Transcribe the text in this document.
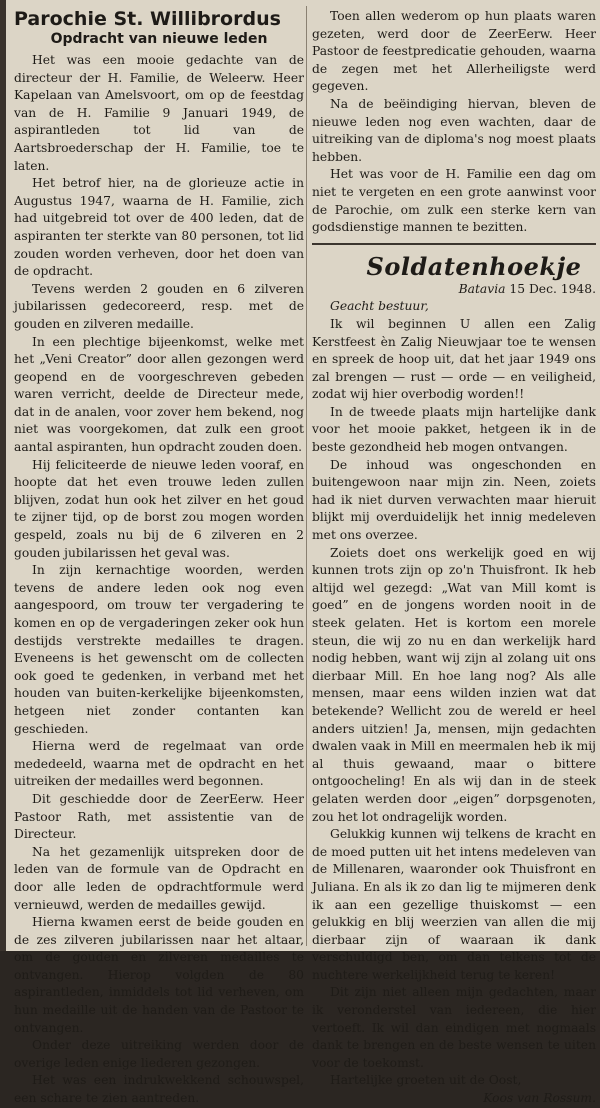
Parochie St. Willibrordus
Opdracht van nieuwe leden

Het was een mooie gedachte van de directeur der H. Familie, de Weleerw. Heer Kapelaan van Amelsvoort, om op de feestdag van de H. Familie 9 Januari 1949, de aspirantleden tot lid van de Aartsbroederschap der H. Familie, toe te laten.

Het betrof hier, na de glorieuze actie in Augustus 1947, waarna de H. Familie, zich had uitgebreid tot over de 400 leden, dat de aspiranten ter sterkte van 80 personen, tot lid zouden worden verheven, door het doen van de opdracht.

Tevens werden 2 gouden en 6 zilveren jubilarissen gedecoreerd, resp. met de gouden en zilveren medaille.

In een plechtige bijeenkomst, welke met het „Veni Creator” door allen gezongen werd geopend en de voorgeschreven gebeden waren verricht, deelde de Directeur mede, dat in de analen, voor zover hem bekend, nog niet was voorgekomen, dat zulk een groot aantal aspiranten, hun opdracht zouden doen.

Hij feliciteerde de nieuwe leden vooraf, en hoopte dat het even trouwe leden zullen blijven, zodat hun ook het zilver en het goud te zijner tijd, op de borst zou mogen worden gespeld, zoals nu bij de 6 zilveren en 2 gouden jubilarissen het geval was.

In zijn kernachtige woorden, werden tevens de andere leden ook nog even aangespoord, om trouw ter vergadering te komen en op de vergaderingen zeker ook hun destijds verstrekte medailles te dragen. Eveneens is het gewenscht om de collecten ook goed te gedenken, in verband met het houden van buiten-kerkelijke bijeenkomsten, hetgeen niet zonder contanten kan geschieden.

Hierna werd de regelmaat van orde mededeeld, waarna met de opdracht en het uitreiken der medailles werd begonnen.

Dit geschiedde door de ZeerEerw. Heer Pastoor Rath, met assistentie van de Directeur.

Na het gezamenlijk uitspreken door de leden van de formule van de Opdracht en door alle leden de opdrachtformule werd vernieuwd, werden de medailles gewijd.

Hierna kwamen eerst de beide gouden en de zes zilveren jubilarissen naar het altaar, om de gouden en zilveren medailles te ontvangen. Hierop volgden de 80 aspirantleden, inmiddels tot lid verheven, om hun medaille uit de handen van de Pastoor te ontvangen.

Onder deze uitreiking werden door de overige leden enige liederen gezongen.

Het was een indrukwekkend schouwspel, een schare te zien aantreden.

Toen allen wederom op hun plaats waren gezeten, werd door de ZeerEerw. Heer Pastoor de feestpredicatie gehouden, waarna de zegen met het Allerheiligste werd gegeven.

Na de beëindiging hiervan, bleven de nieuwe leden nog even wachten, daar de uitreiking van de diploma's nog moest plaats hebben.

Het was voor de H. Familie een dag om niet te vergeten en een grote aanwinst voor de Parochie, om zulk een sterke kern van godsdienstige mannen te bezitten.

Soldatenhoekje
Batavia 15 Dec. 1948.

Geacht bestuur,

Ik wil beginnen U allen een Zalig Kerstfeest èn Zalig Nieuwjaar toe te wensen en spreek de hoop uit, dat het jaar 1949 ons zal brengen — rust — orde — en veiligheid, zodat wij hier overbodig worden!!

In de tweede plaats mijn hartelijke dank voor het mooie pakket, hetgeen ik in de beste gezondheid heb mogen ontvangen.

De inhoud was ongeschonden en buitengewoon naar mijn zin. Neen, zoiets had ik niet durven verwachten maar hieruit blijkt mij overduidelijk het innig medeleven met ons overzee.

Zoiets doet ons werkelijk goed en wij kunnen trots zijn op zo'n Thuisfront. Ik heb altijd wel gezegd: „Wat van Mill komt is goed” en de jongens worden nooit in de steek gelaten. Het is kortom een morele steun, die wij zo nu en dan werkelijk hard nodig hebben, want wij zijn al zolang uit ons dierbaar Mill. En hoe lang nog? Als alle mensen, maar eens wilden inzien wat dat betekende? Wellicht zou de wereld er heel anders uitzien! Ja, mensen, mijn gedachten dwalen vaak in Mill en meermalen heb ik mij al thuis gewaand, maar o bittere ontgoocheling! En als wij dan in de steek gelaten werden door „eigen” dorpsgenoten, zou het lot ondragelijk worden.

Gelukkig kunnen wij telkens de kracht en de moed putten uit het intens medeleven van de Millenaren, waaronder ook Thuisfront en Juliana. En als ik zo dan lig te mijmeren denk ik aan een gezellige thuiskomst — een gelukkig en blij weerzien van allen die mij dierbaar zijn of waaraan ik dank verschuldigd ben, om dan telkens tot de nuchtere werkelijkheid terug te keren!

Dit zijn niet alleen mijn gedachten, maar ik veronderstel van iedereen, die hier vertoeft. Ik wil dan eindigen met nogmaals dank te brengen en de beste wensen te uiten voor de toekomst.

Hartelijke groeten uit de Oost,

Koos van Rossum.
